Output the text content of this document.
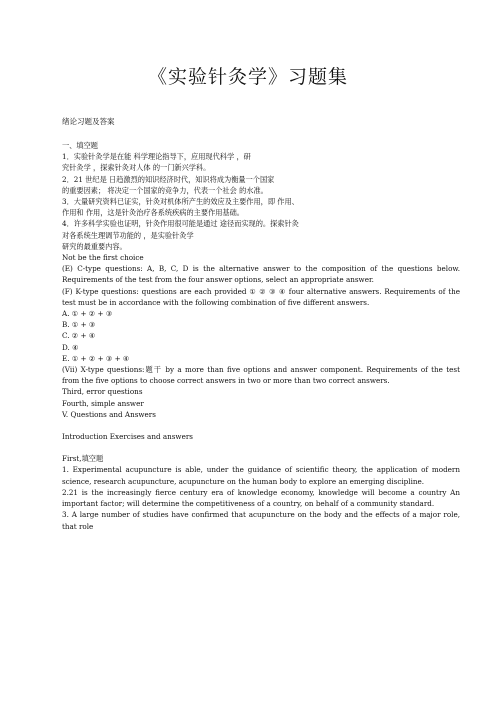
《实验针灸学》习题集
绪论习题及答案

一、填空题

1．实验针灸学是在能 科学理论指导下，应用现代科学 ，研

究针灸学 ，探索针灸对人体 的一门新兴学科。

2．21 世纪是 日趋激烈的知识经济时代，知识将成为衡量一个国家

的重要因素； 将决定一个国家的竞争力，代表一个社会 的水准。

3．大量研究资料已证实，针灸对机体所产生的效应及主要作用，即 作用、

作用和 作用，这是针灸治疗各系统疾病的主要作用基础。

4．许多科学实验也证明，针灸作用很可能是通过 途径而实现的。探索针灸

对各系统生理调节功能的 ，是实验针灸学

研究的最重要内容。

Not be the first choice

(E) C-type questions: A, B, C, D is the alternative answer to the composition of the questions below. Requirements of the test from the four answer options, select an appropriate answer.

(F) K-type questions: questions are each provided ① ② ③ ④ four alternative answers. Requirements of the test must be in accordance with the following combination of five different answers.

A. ① + ② + ③

B. ① + ③

C. ② + ④

D. ④

E. ① + ② + ③ + ④

(Vii) X-type questions:题干 by a more than five options and answer component. Requirements of the test from the five options to choose correct answers in two or more than two correct answers.

Third, error questions

Fourth, simple answer

V. Questions and Answers

Introduction Exercises and answers

First,填空题

1. Experimental acupuncture is able, under the guidance of scientific theory, the application of modern science, research acupuncture, acupuncture on the human body to explore an emerging discipline.

2.21 is the increasingly fierce century era of knowledge economy, knowledge will become a country An important factor; will determine the competitiveness of a country, on behalf of a community standard.

3. A large number of studies have confirmed that acupuncture on the body and the effects of a major role, that role
